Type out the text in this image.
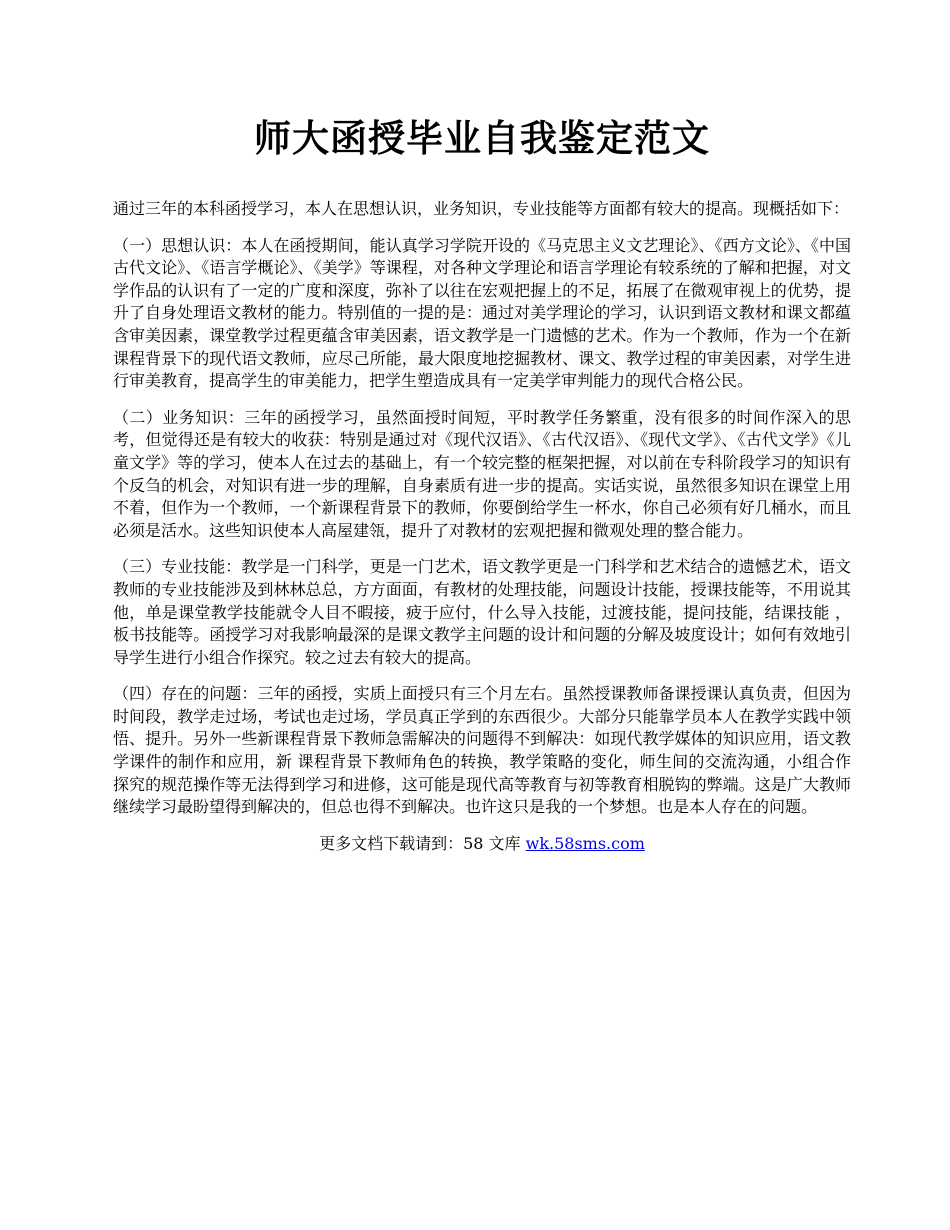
师大函授毕业自我鉴定范文

通过三年的本科函授学习，本人在思想认识，业务知识，专业技能等方面都有较大的提高。现概括如下：

（一）思想认识：本人在函授期间，能认真学习学院开设的《马克思主义文艺理论》、《西方文论》、《中国古代文论》、《语言学概论》、《美学》等课程，对各种文学理论和语言学理论有较系统的了解和把握，对文学作品的认识有了一定的广度和深度，弥补了以往在宏观把握上的不足，拓展了在微观审视上的优势，提升了自身处理语文教材的能力。特别值的一提的是：通过对美学理论的学习，认识到语文教材和课文都蕴含审美因素，课堂教学过程更蕴含审美因素，语文教学是一门遗憾的艺术。作为一个教师，作为一个在新课程背景下的现代语文教师，应尽己所能，最大限度地挖掘教材、课文、教学过程的审美因素，对学生进行审美教育，提高学生的审美能力，把学生塑造成具有一定美学审判能力的现代合格公民。

（二）业务知识：三年的函授学习，虽然面授时间短，平时教学任务繁重，没有很多的时间作深入的思考，但觉得还是有较大的收获：特别是通过对《现代汉语》、《古代汉语》、《现代文学》、《古代文学》《儿童文学》等的学习，使本人在过去的基础上，有一个较完整的框架把握，对以前在专科阶段学习的知识有个反刍的机会，对知识有进一步的理解，自身素质有进一步的提高。实话实说，虽然很多知识在课堂上用不着，但作为一个教师，一个新课程背景下的教师，你要倒给学生一杯水，你自己必须有好几桶水，而且必须是活水。这些知识使本人高屋建瓴，提升了对教材的宏观把握和微观处理的整合能力。

（三）专业技能：教学是一门科学，更是一门艺术，语文教学更是一门科学和艺术结合的遗憾艺术，语文教师的专业技能涉及到林林总总，方方面面，有教材的处理技能，问题设计技能，授课技能等，不用说其他，单是课堂教学技能就令人目不暇接，疲于应付，什么导入技能，过渡技能，提问技能，结课技能 ，板书技能等。函授学习对我影响最深的是课文教学主问题的设计和问题的分解及坡度设计；如何有效地引导学生进行小组合作探究。较之过去有较大的提高。

（四）存在的问题：三年的函授，实质上面授只有三个月左右。虽然授课教师备课授课认真负责，但因为时间段，教学走过场，考试也走过场，学员真正学到的东西很少。大部分只能靠学员本人在教学实践中领悟、提升。另外一些新课程背景下教师急需解决的问题得不到解决：如现代教学媒体的知识应用，语文教学课件的制作和应用，新 课程背景下教师角色的转换，教学策略的变化，师生间的交流沟通，小组合作探究的规范操作等无法得到学习和进修，这可能是现代高等教育与初等教育相脱钩的弊端。这是广大教师继续学习最盼望得到解决的，但总也得不到解决。也许这只是我的一个梦想。也是本人存在的问题。

更多文档下载请到：58 文库 wk.58sms.com
